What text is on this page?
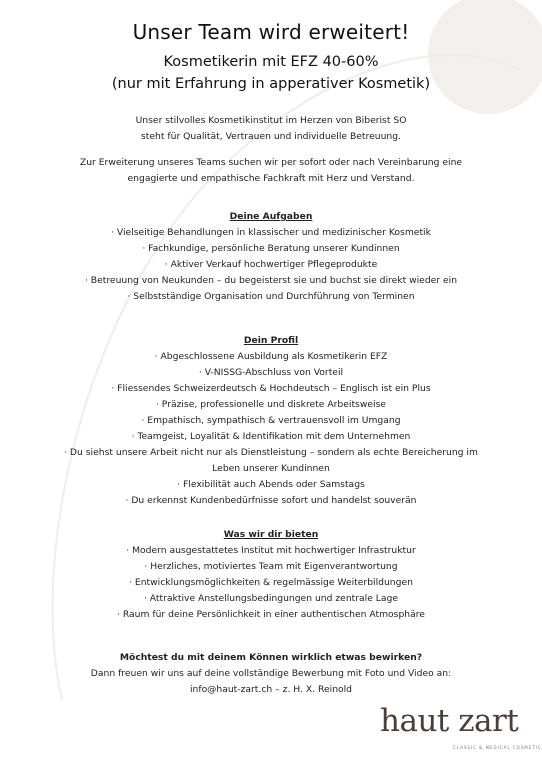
Unser Team wird erweitert!
Kosmetikerin mit EFZ 40-60%
(nur mit Erfahrung in apperativer Kosmetik)
Unser stilvolles Kosmetikinstitut im Herzen von Biberist SO
steht für Qualität, Vertrauen und individuelle Betreuung.
Zur Erweiterung unseres Teams suchen wir per sofort oder nach Vereinbarung eine
engagierte und empathische Fachkraft mit Herz und Verstand.
Deine Aufgaben
· Vielseitige Behandlungen in klassischer und medizinischer Kosmetik
· Fachkundige, persönliche Beratung unserer Kundinnen
· Aktiver Verkauf hochwertiger Pflegeprodukte
· Betreuung von Neukunden – du begeisterst sie und buchst sie direkt wieder ein
· Selbstständige Organisation und Durchführung von Terminen
Dein Profil
· Abgeschlossene Ausbildung als Kosmetikerin EFZ
· V-NISSG-Abschluss von Vorteil
· Fliessendes Schweizerdeutsch & Hochdeutsch – Englisch ist ein Plus
· Präzise, professionelle und diskrete Arbeitsweise
· Empathisch, sympathisch & vertrauensvoll im Umgang
· Teamgeist, Loyalität & Identifikation mit dem Unternehmen
· Du siehst unsere Arbeit nicht nur als Dienstleistung – sondern als echte Bereicherung im
Leben unserer Kundinnen
· Flexibilität auch Abends oder Samstags
· Du erkennst Kundenbedürfnisse sofort und handelst souverän
Was wir dir bieten
· Modern ausgestattetes Institut mit hochwertiger Infrastruktur
· Herzliches, motiviertes Team mit Eigenverantwortung
· Entwicklungsmöglichkeiten & regelmässige Weiterbildungen
· Attraktive Anstellungsbedingungen und zentrale Lage
· Raum für deine Persönlichkeit in einer authentischen Atmosphäre
Möchtest du mit deinem Können wirklich etwas bewirken?
Dann freuen wir uns auf deine vollständige Bewerbung mit Foto und Video an:
info@haut-zart.ch – z. H. X. Reinold
haut zart
CLASSIC & MEDICAL COSMETIC
